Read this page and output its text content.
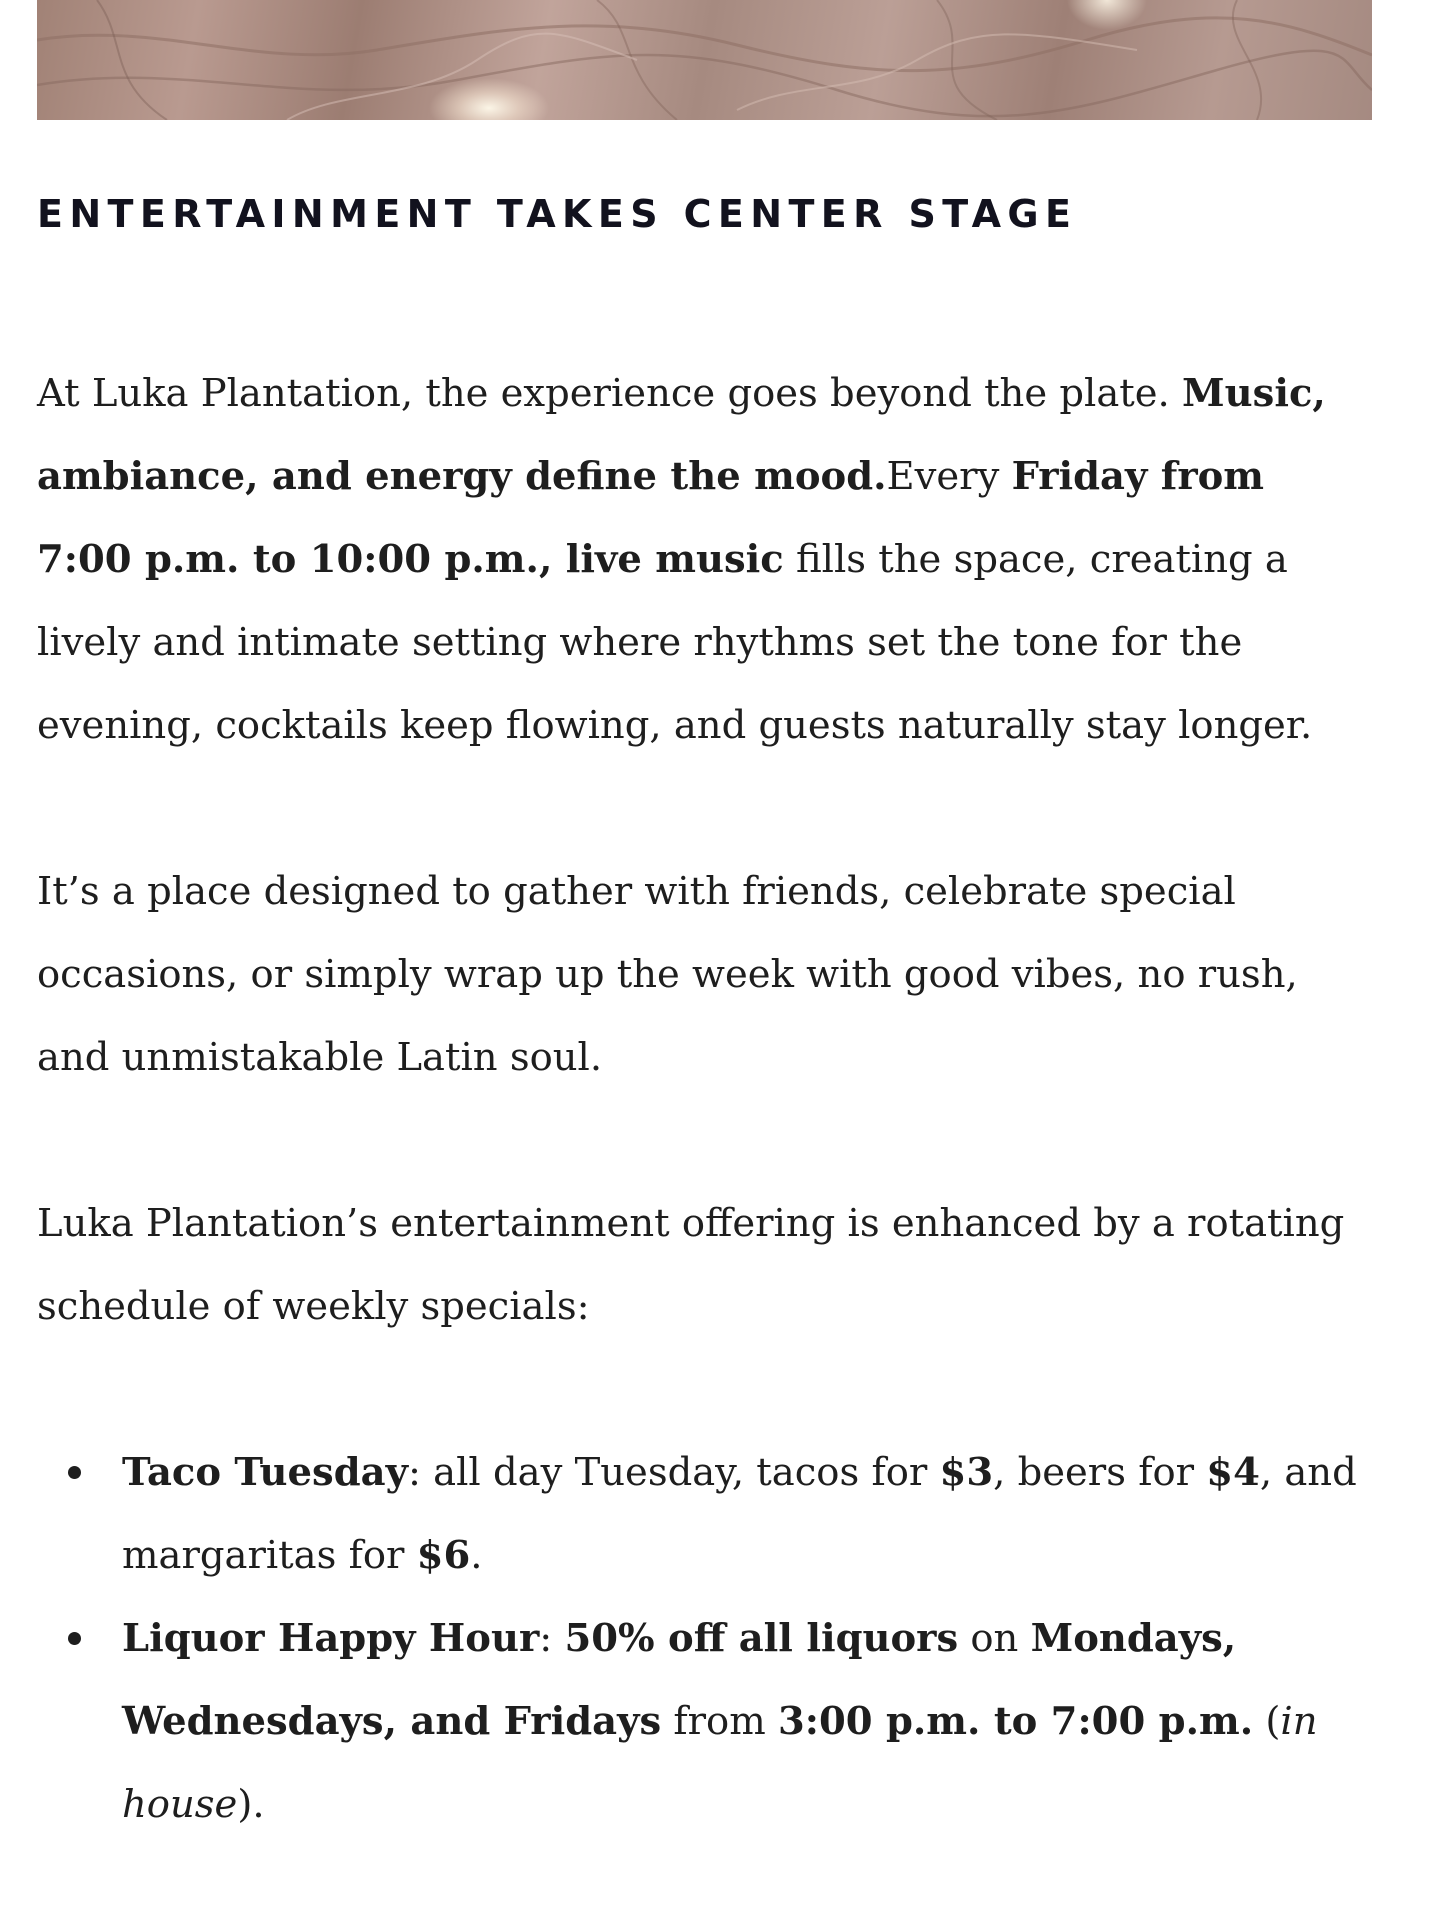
ENTERTAINMENT TAKES CENTER STAGE

At Luka Plantation, the experience goes beyond the plate. Music, ambiance, and energy define the mood.Every Friday from 7:00 p.m. to 10:00 p.m., live music fills the space, creating a lively and intimate setting where rhythms set the tone for the evening, cocktails keep flowing, and guests naturally stay longer.

It’s a place designed to gather with friends, celebrate special occasions, or simply wrap up the week with good vibes, no rush, and unmistakable Latin soul.

Luka Plantation’s entertainment offering is enhanced by a rotating schedule of weekly specials:

Taco Tuesday: all day Tuesday, tacos for $3, beers for $4, and margaritas for $6.
Liquor Happy Hour: 50% off all liquors on Mondays, Wednesdays, and Fridays from 3:00 p.m. to 7:00 p.m. (in house).
